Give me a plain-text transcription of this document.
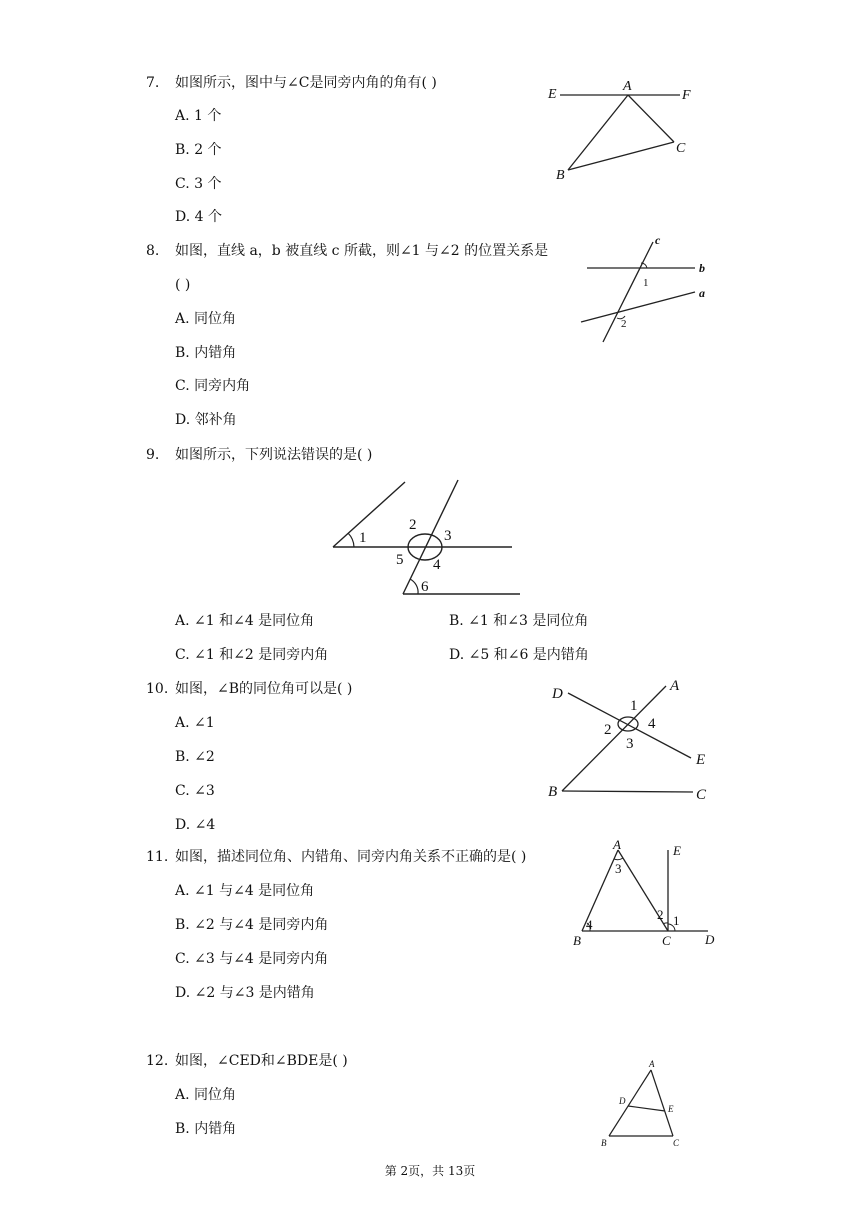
7. 如图所示，图中与∠C是同旁内角的角有( )
A. 1 个
B. 2 个
C. 3 个
D. 4 个
E
A
F
C
B
8. 如图，直线 a，b 被直线 c 所截，则∠1 与∠2 的位置关系是
( )
A. 同位角
B. 内错角
C. 同旁内角
D. 邻补角
c
b
1
a
2
9. 如图所示，下列说法错误的是( )
1
2
3
5 4
6
A. ∠1 和∠4 是同位角	B. ∠1 和∠3 是同位角
C. ∠1 和∠2 是同旁内角	D. ∠5 和∠6 是内错角
10. 如图，∠B的同位角可以是( )
A. ∠1
B. ∠2
C. ∠3
D. ∠4
D	A
1
2 4
3
E
B	C
11. 如图，描述同位角、内错角、同旁内角关系不正确的是( )
A. ∠1 与∠4 是同位角
B. ∠2 与∠4 是同旁内角
C. ∠3 与∠4 是同旁内角
D. ∠2 与∠3 是内错角
A	E
3
2 1
4
B	C	D
12. 如图，∠CED和∠BDE是( )
A. 同位角
B. 内错角
A
D
E
B	C
第 2页，共 13页
